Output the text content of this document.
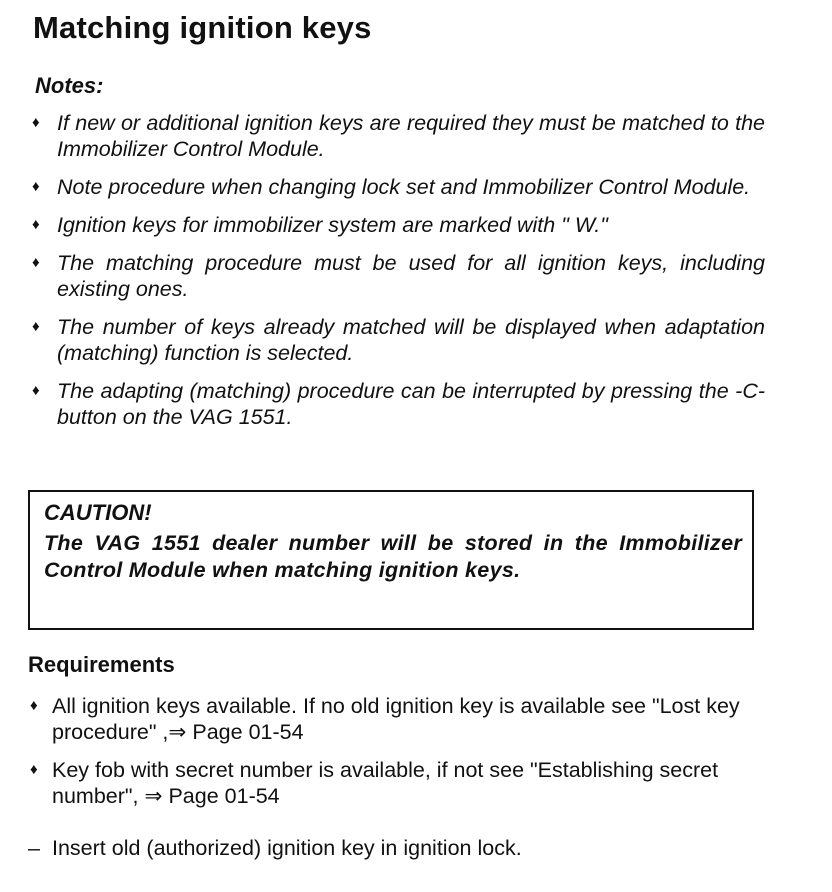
Matching ignition keys
Notes:
♦ If new or additional ignition keys are required they must be matched to the Immobilizer Control Module.
♦ Note procedure when changing lock set and Immobilizer Control Module.
♦ Ignition keys for immobilizer system are marked with " W."
♦ The matching procedure must be used for all ignition keys, including existing ones.
♦ The number of keys already matched will be displayed when adaptation (matching) function is selected.
♦ The adapting (matching) procedure can be interrupted by pressing the -C- button on the VAG 1551.

CAUTION!

The VAG 1551 dealer number will be stored in the Immobilizer Control Module when matching ignition keys.

Requirements
♦ All ignition keys available. If no old ignition key is available see "Lost key procedure" ,⇒ Page 01-54
♦ Key fob with secret number is available, if not see "Establishing secret number", ⇒ Page 01-54

– Insert old (authorized) ignition key in ignition lock.
